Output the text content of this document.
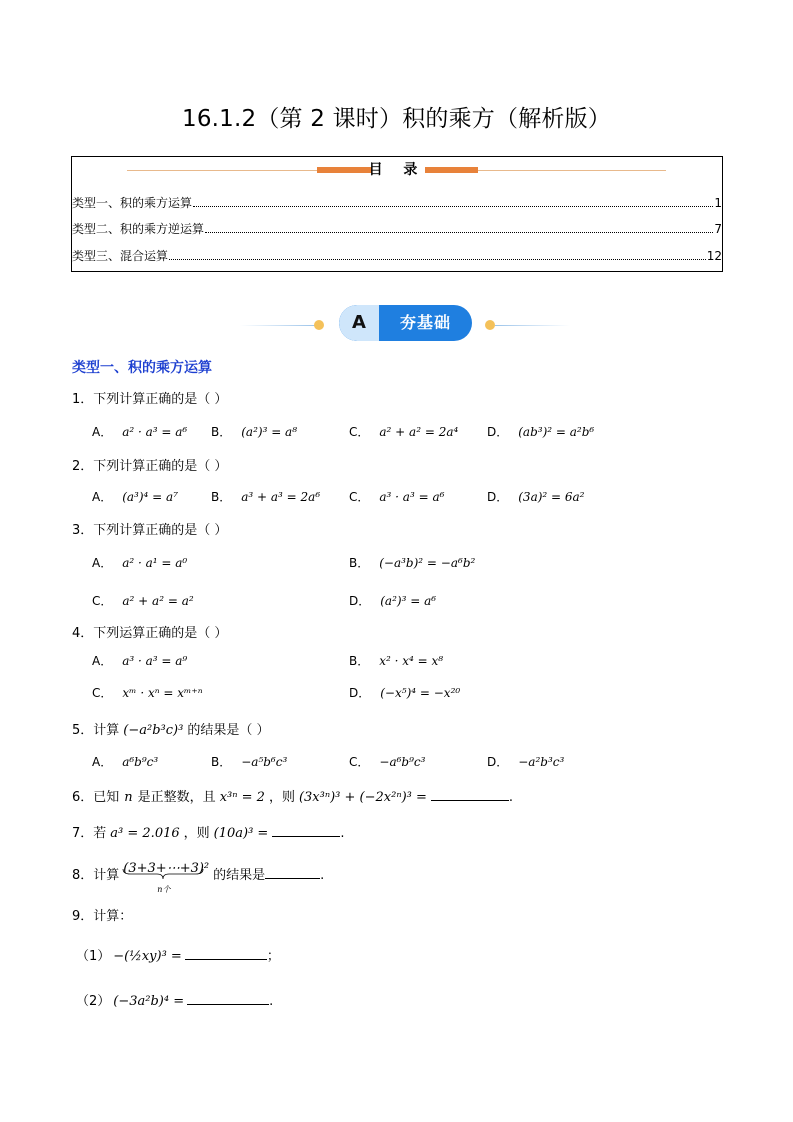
16.1.2（第 2 课时）积的乘方（解析版）
目 录
类型一、积的乘方运算	1
类型二、积的乘方逆运算	7
类型三、混合运算	12
A	夯基础
类型一、积的乘方运算
1．下列计算正确的是（ ）
A． a² · a³ = a⁶ B． (a²)³ = a⁸	C． a² + a² = 2a⁴ D． (ab³)² = a²b⁶
2．下列计算正确的是（ ）
A． (a³)⁴ = a⁷	B． a³ + a³ = 2a⁶ C． a³ · a³ = a⁶	D． (3a)² = 6a²
3．下列计算正确的是（ ）
A． a² · a¹ = a⁰	B． (−a³b)² = −a⁶b²
C． a² + a² = a²	D． (a²)³ = a⁶
4．下列运算正确的是（ ）
A． a³ · a³ = a⁹	B． x² · x⁴ = x⁸
C． xᵐ · xⁿ = xᵐ⁺ⁿ	D． (−x⁵)⁴ = −x²⁰
5．计算 (−a²b³c)³ 的结果是（ ）
A． a⁶b⁹c³	B． −a⁵b⁶c³	C． −a⁶b⁹c³	D． −a²b³c³
6．已知 n 是正整数，且 x³ⁿ = 2 ，则 (3x³ⁿ)³ + (−2x²ⁿ)³ =	.
7．若 a³ = 2.016 ，则 (10a)³ =	.
8．计算 (3+3+⋯+3)²
n个
的结果是	.
9．计算：
（1） −(½xy)³ =	；
（2） (−3a²b)⁴ =	.
